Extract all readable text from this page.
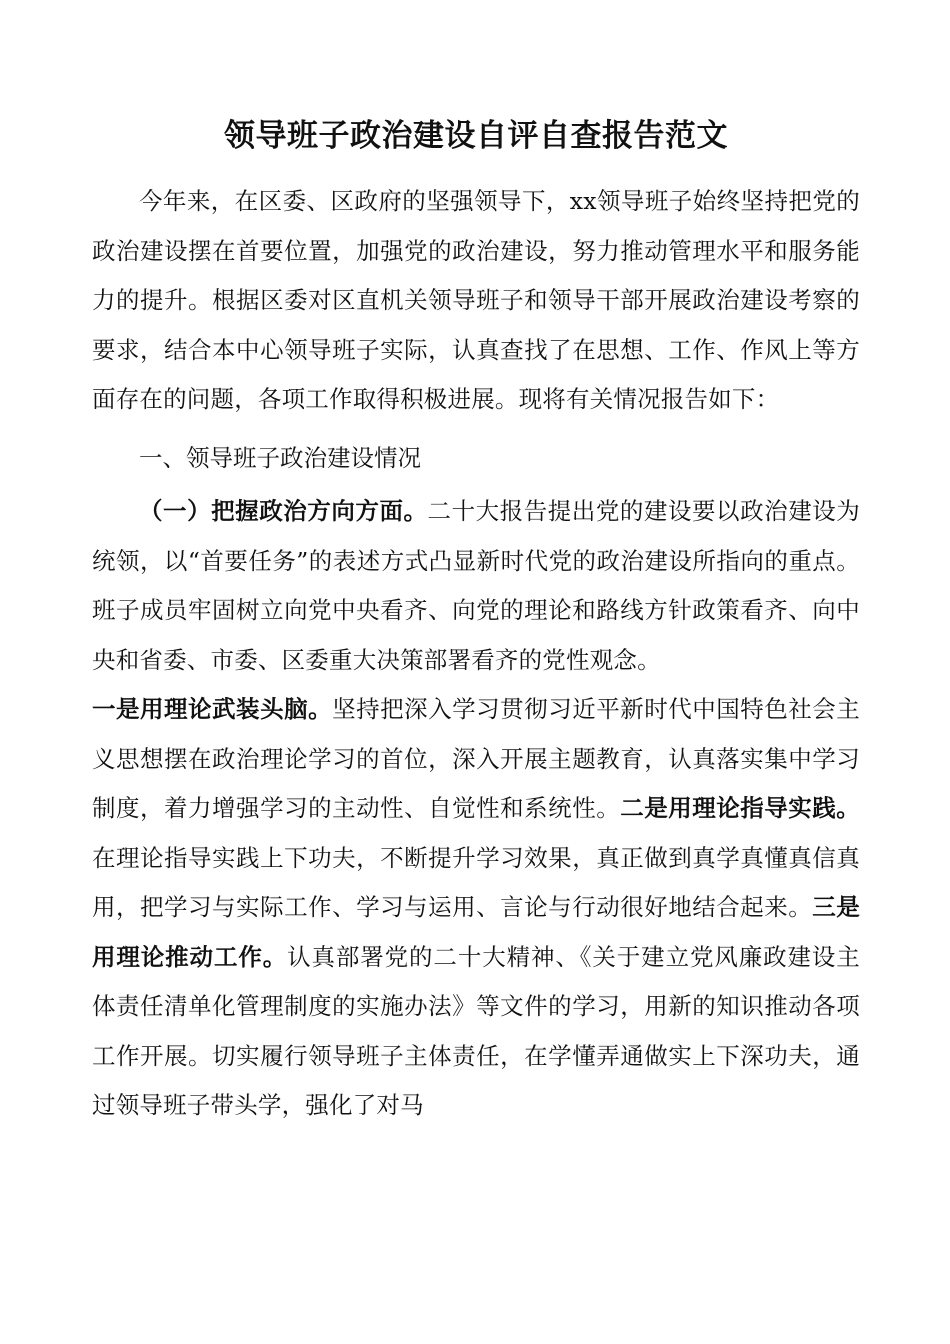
领导班子政治建设自评自查报告范文

今年来，在区委、区政府的坚强领导下，xx领导班子始终坚持把党的政治建设摆在首要位置，加强党的政治建设，努力推动管理水平和服务能力的提升。根据区委对区直机关领导班子和领导干部开展政治建设考察的要求，结合本中心领导班子实际，认真查找了在思想、工作、作风上等方面存在的问题，各项工作取得积极进展。现将有关情况报告如下：

一、领导班子政治建设情况

（一）把握政治方向方面。二十大报告提出党的建设要以政治建设为统领，以“首要任务”的表述方式凸显新时代党的政治建设所指向的重点。班子成员牢固树立向党中央看齐、向党的理论和路线方针政策看齐、向中央和省委、市委、区委重大决策部署看齐的党性观念。

一是用理论武装头脑。坚持把深入学习贯彻习近平新时代中国特色社会主义思想摆在政治理论学习的首位，深入开展主题教育，认真落实集中学习制度，着力增强学习的主动性、自觉性和系统性。二是用理论指导实践。在理论指导实践上下功夫，不断提升学习效果，真正做到真学真懂真信真用，把学习与实际工作、学习与运用、言论与行动很好地结合起来。三是用理论推动工作。认真部署党的二十大精神、《关于建立党风廉政建设主体责任清单化管理制度的实施办法》等文件的学习，用新的知识推动各项工作开展。切实履行领导班子主体责任，在学懂弄通做实上下深功夫，通过领导班子带头学，强化了对马
